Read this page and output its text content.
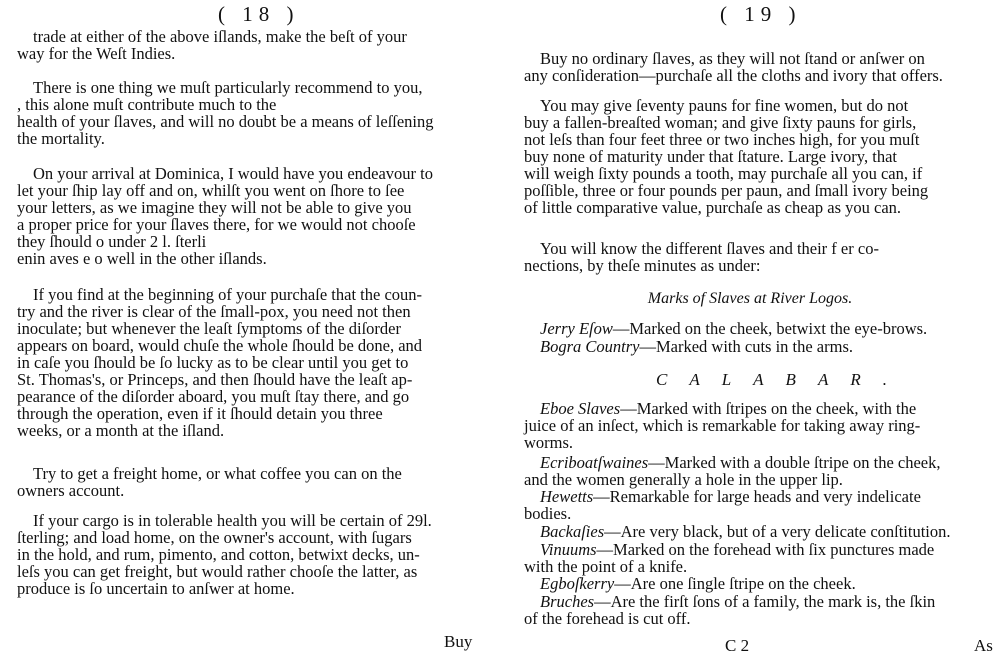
( 18 )
trade at either of the above iſlands, make the beſt of your
way for the Weſt Indies.
There is one thing we muſt particularly recommend to you,
, this alone muſt contribute much to the
health of your ſlaves, and will no doubt be a means of leſſening
the mortality.
On your arrival at Dominica, I would have you endeavour to
let your ſhip lay off and on, whilſt you went on ſhore to ſee
your letters, as we imagine they will not be able to give you
a proper price for your ſlaves there, for we would not chooſe
they ſhould o under 2 l. ſterli
enin aves e o well in the other iſlands.
If you find at the beginning of your purchaſe that the coun-
try and the river is clear of the ſmall-pox, you need not then
inoculate; but whenever the leaſt ſymptoms of the diſorder
appears on board, would chuſe the whole ſhould be done, and
in caſe you ſhould be ſo lucky as to be clear until you get to
St. Thomas's, or Princeps, and then ſhould have the leaſt ap-
pearance of the diſorder aboard, you muſt ſtay there, and go
through the operation, even if it ſhould detain you three
weeks, or a month at the iſland.
Try to get a freight home, or what coffee you can on the
owners account.
If your cargo is in tolerable health you will be certain of 29l.
ſterling; and load home, on the owner's account, with ſugars
in the hold, and rum, pimento, and cotton, betwixt decks, un-
leſs you can get freight, but would rather chooſe the latter, as
produce is ſo uncertain to anſwer at home.
Buy
( 19 )
Buy no ordinary ſlaves, as they will not ſtand or anſwer on
any conſideration—purchaſe all the cloths and ivory that offers.
You may give ſeventy pauns for fine women, but do not
buy a fallen-breaſted woman; and give ſixty pauns for girls,
not leſs than four feet three or two inches high, for you muſt
buy none of maturity under that ſtature. Large ivory, that
will weigh ſixty pounds a tooth, may purchaſe all you can, if
poſſible, three or four pounds per paun, and ſmall ivory being
of little comparative value, purchaſe as cheap as you can.
You will know the different ſlaves and their f er co-
nections, by theſe minutes as under:
Marks of Slaves at River Logos.
Jerry Eſow—Marked on the cheek, betwixt the eye-brows.
Bogra Country—Marked with cuts in the arms.
CALABAR.
Eboe Slaves—Marked with ſtripes on the cheek, with the
juice of an inſect, which is remarkable for taking away ring-
worms.
Ecriboatſwaines—Marked with a double ſtripe on the cheek,
and the women generally a hole in the upper lip.
Hewetts—Remarkable for large heads and very indelicate
bodies.
Backaſies—Are very black, but of a very delicate conſtitution.
Vinuums—Marked on the forehead with ſix punctures made
with the point of a knife.
Egboſkerry—Are one ſingle ſtripe on the cheek.
Bruches—Are the firſt ſons of a family, the mark is, the ſkin
of the forehead is cut off.
C 2	As
